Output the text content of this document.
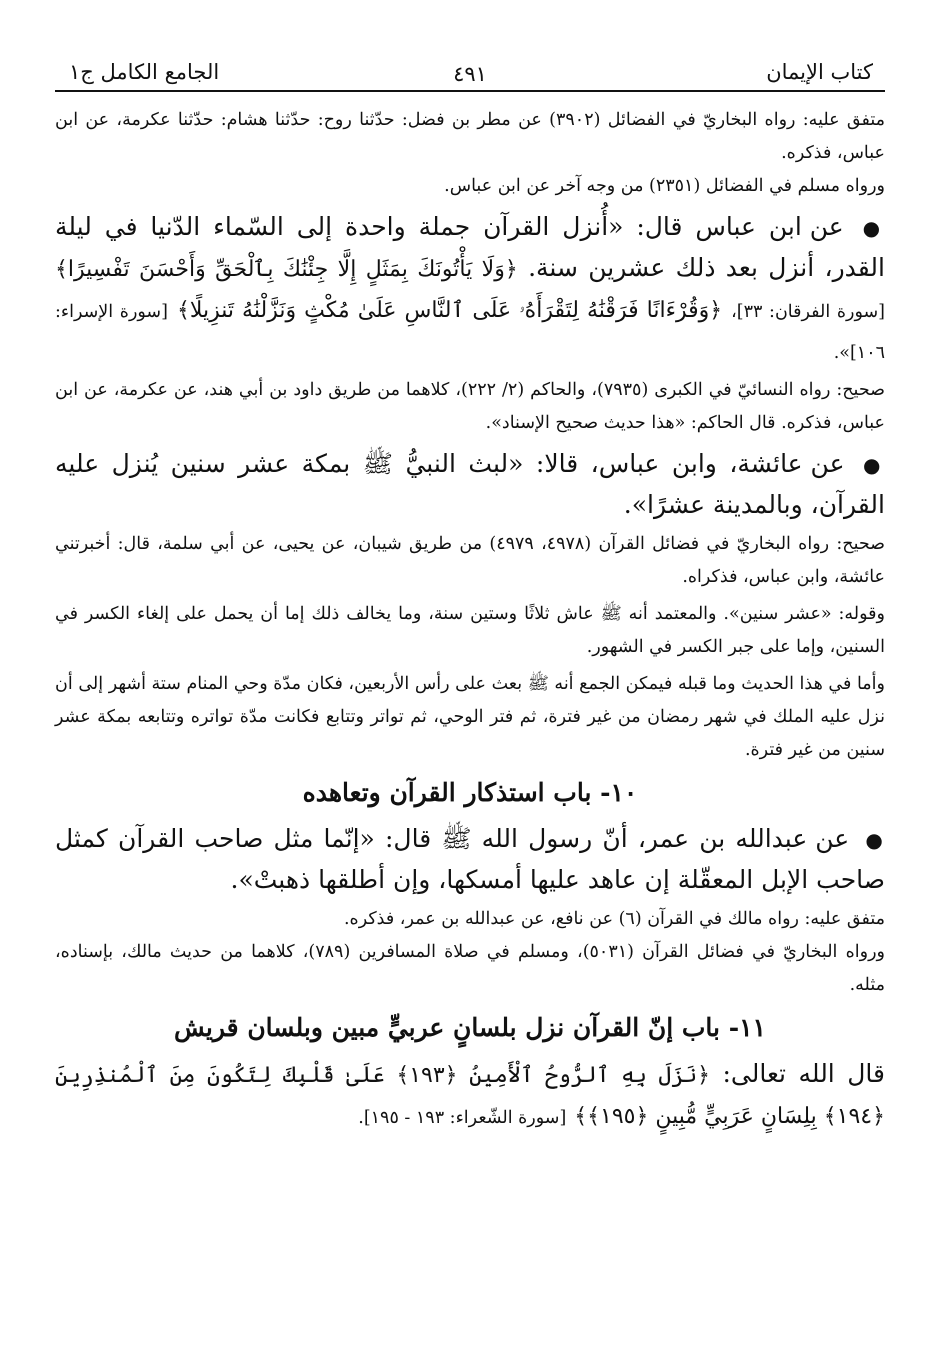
كتاب الإيمان
٤٩١
الجامع الكامل ج١

متفق عليه: رواه البخاريّ في الفضائل (٣٩٠٢) عن مطر بن فضل: حدّثنا روح: حدّثنا هشام: حدّثنا عكرمة، عن ابن عباس، فذكره.

ورواه مسلم في الفضائل (٢٣٥١) من وجه آخر عن ابن عباس.

● عن ابن عباس قال: «أُنزل القرآن جملة واحدة إلى السّماء الدّنيا في ليلة القدر، أنزل بعد ذلك عشرين سنة. ﴿وَلَا يَأْتُونَكَ بِمَثَلٍ إِلَّا جِئْنَٰكَ بِٱلْحَقِّ وَأَحْسَنَ تَفْسِيرًا﴾ [سورة الفرقان: ٣٣]، ﴿وَقُرْءَانًا فَرَقْنَٰهُ لِتَقْرَأَهُۥ عَلَى ٱلنَّاسِ عَلَىٰ مُكْثٍ وَنَزَّلْنَٰهُ تَنزِيلًا﴾ [سورة الإسراء: ١٠٦]».

صحيح: رواه النسائيّ في الكبرى (٧٩٣٥)، والحاكم (٢/ ٢٢٢)، كلاهما من طريق داود بن أبي هند، عن عكرمة، عن ابن عباس، فذكره. قال الحاكم: «هذا حديث صحيح الإسناد».

● عن عائشة، وابن عباس، قالا: «لبث النبيُّ ﷺ بمكة عشر سنين يُنزل عليه القرآن، وبالمدينة عشرًا».

صحيح: رواه البخاريّ في فضائل القرآن (٤٩٧٨، ٤٩٧٩) من طريق شيبان، عن يحيى، عن أبي سلمة، قال: أخبرتني عائشة، وابن عباس، فذكراه.

وقوله: «عشر سنين». والمعتمد أنه ﷺ عاش ثلاثًا وستين سنة، وما يخالف ذلك إما أن يحمل على إلغاء الكسر في السنين، وإما على جبر الكسر في الشهور.

وأما في هذا الحديث وما قبله فيمكن الجمع أنه ﷺ بعث على رأس الأربعين، فكان مدّة وحي المنام ستة أشهر إلى أن نزل عليه الملك في شهر رمضان من غير فترة، ثم فتر الوحي، ثم تواتر وتتابع فكانت مدّة تواتره وتتابعه بمكة عشر سنين من غير فترة.

١٠- باب استذكار القرآن وتعاهده

● عن عبدالله بن عمر، أنّ رسول الله ﷺ قال: «إنّما مثل صاحب القرآن كمثل صاحب الإبل المعقّلة إن عاهد عليها أمسكها، وإن أطلقها ذهبتْ».

متفق عليه: رواه مالك في القرآن (٦) عن نافع، عن عبدالله بن عمر، فذكره.

ورواه البخاريّ في فضائل القرآن (٥٠٣١)، ومسلم في صلاة المسافرين (٧٨٩)، كلاهما من حديث مالك، بإسناده، مثله.

١١- باب إنّ القرآن نزل بلسانٍ عربيٍّ مبين وبلسان قريش

قال الله تعالى: ﴿نَزَلَ بِهِ ٱلرُّوحُ ٱلْأَمِينُ ﴿١٩٣﴾ عَلَىٰ قَلْبِكَ لِتَكُونَ مِنَ ٱلْمُنذِرِينَ ﴿١٩٤﴾ بِلِسَانٍ عَرَبِيٍّ مُّبِينٍ ﴿١٩٥﴾﴾ [سورة الشّعراء: ١٩٣ - ١٩٥].
